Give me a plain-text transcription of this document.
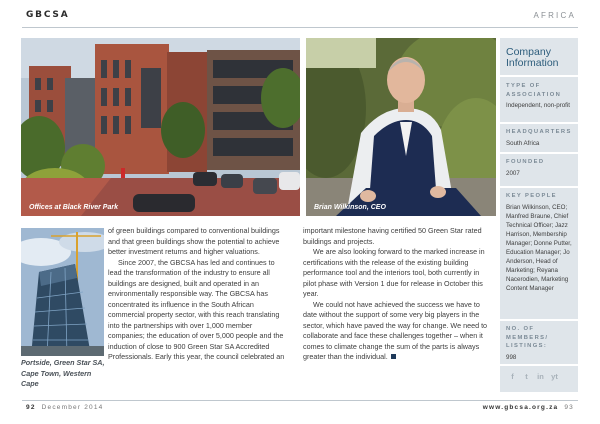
GBCSA	AFRICA
Offices at Black River Park	Brian Wilkinson, CEO
Portside, Green Star SA, Cape Town, Western Cape

of green buildings compared to conventional buildings and that green buildings show the potential to achieve better investment returns and higher valuations.

Since 2007, the GBCSA has led and continues to lead the transformation of the industry to ensure all buildings are designed, built and operated in an environmentally responsible way. The GBCSA has concentrated its influence in the South African commercial property sector, with this reach translating into the partnerships with over 1,000 member companies; the education of over 5,000 people and the induction of close to 900 Green Star SA Accredited Professionals. Early this year, the council celebrated an

important milestone having certified 50 Green Star rated buildings and projects.

We are also looking forward to the marked increase in certifications with the release of the existing building performance tool and the interiors tool, both currently in pilot phase with Version 1 due for release in October this year.

We could not have achieved the success we have to date without the support of some very big players in the sector, which have paved the way for change. We need to collaborate and face these challenges together – when it comes to climate change the sum of the parts is always greater than the individual.

Company Information
TYPE OF ASSOCIATION
Independent, non-profit
HEADQUARTERS
South Africa
FOUNDED
2007
KEY PEOPLE
Brian Wilkinson, CEO; Manfred Braune, Chief Technical Officer; Jazz Harrison, Membership Manager; Donne Putter, Education Manager; Jo Anderson, Head of Marketing; Reyana Nacerodien, Marketing Content Manager
NO. OF MEMBERS/ LISTINGS:
998
f	t	in yt
92 December 2014	www.gbcsa.org.za 93
